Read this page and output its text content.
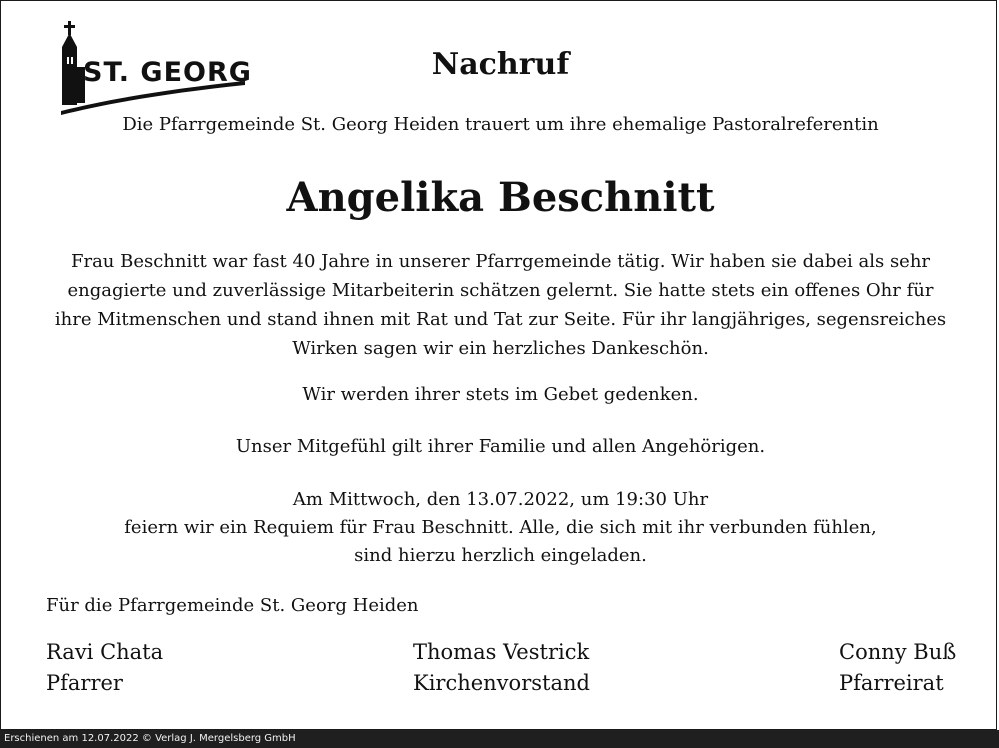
ST. GEORG	Nachruf
Die Pfarrgemeinde St. Georg Heiden trauert um ihre ehemalige Pastoralreferentin
Angelika Beschnitt
Frau Beschnitt war fast 40 Jahre in unserer Pfarrgemeinde tätig. Wir haben sie dabei als sehr
engagierte und zuverlässige Mitarbeiterin schätzen gelernt. Sie hatte stets ein offenes Ohr für
ihre Mitmenschen und stand ihnen mit Rat und Tat zur Seite. Für ihr langjähriges, segensreiches
Wirken sagen wir ein herzliches Dankeschön.
Wir werden ihrer stets im Gebet gedenken.
Unser Mitgefühl gilt ihrer Familie und allen Angehörigen.
Am Mittwoch, den 13.07.2022, um 19:30 Uhr
feiern wir ein Requiem für Frau Beschnitt. Alle, die sich mit ihr verbunden fühlen,
sind hierzu herzlich eingeladen.
Für die Pfarrgemeinde St. Georg Heiden
Ravi Chata
Pfarrer
Thomas Vestrick
Kirchenvorstand
Conny Buß
Pfarreirat
Erschienen am 12.07.2022 © Verlag J. Mergelsberg GmbH
